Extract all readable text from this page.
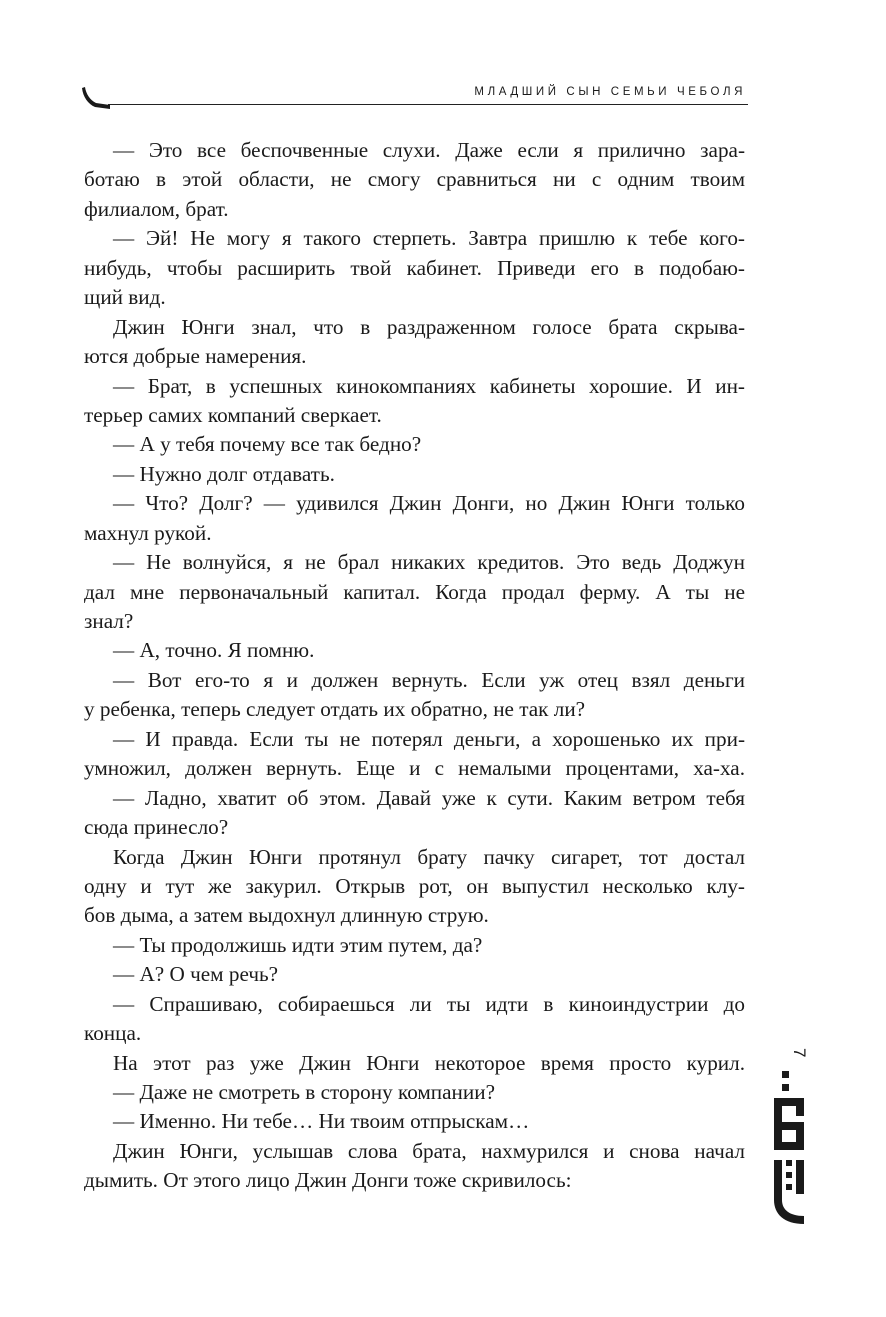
МЛАДШИЙ СЫН СЕМЬИ ЧЕБОЛЯ
— Это все беспочвенные слухи. Даже если я прилично зара-
ботаю в этой области, не смогу сравниться ни с одним твоим
филиалом, брат.
— Эй! Не могу я такого стерпеть. Завтра пришлю к тебе кого-
нибудь, чтобы расширить твой кабинет. Приведи его в подобаю-
щий вид.
Джин Юнги знал, что в раздраженном голосе брата скрыва-
ются добрые намерения.
— Брат, в успешных кинокомпаниях кабинеты хорошие. И ин-
терьер самих компаний сверкает.
— А у тебя почему все так бедно?
— Нужно долг отдавать.
— Что? Долг? — удивился Джин Донги, но Джин Юнги только
махнул рукой.
— Не волнуйся, я не брал никаких кредитов. Это ведь Доджун
дал мне первоначальный капитал. Когда продал ферму. А ты не
знал?
— А, точно. Я помню.
— Вот его-то я и должен вернуть. Если уж отец взял деньги
у ребенка, теперь следует отдать их обратно, не так ли?
— И правда. Если ты не потерял деньги, а хорошенько их при-
умножил, должен вернуть. Еще и с немалыми процентами, ха-ха.
— Ладно, хватит об этом. Давай уже к сути. Каким ветром тебя
сюда принесло?
Когда Джин Юнги протянул брату пачку сигарет, тот достал
одну и тут же закурил. Открыв рот, он выпустил несколько клу-
бов дыма, а затем выдохнул длинную струю.
— Ты продолжишь идти этим путем, да?
— А? О чем речь?
— Спрашиваю, собираешься ли ты идти в киноиндустрии до
конца.
На этот раз уже Джин Юнги некоторое время просто курил.
— Даже не смотреть в сторону компании?
— Именно. Ни тебе… Ни твоим отпрыскам…
Джин Юнги, услышав слова брата, нахмурился и снова начал
дымить. От этого лицо Джин Донги тоже скривилось:
7
